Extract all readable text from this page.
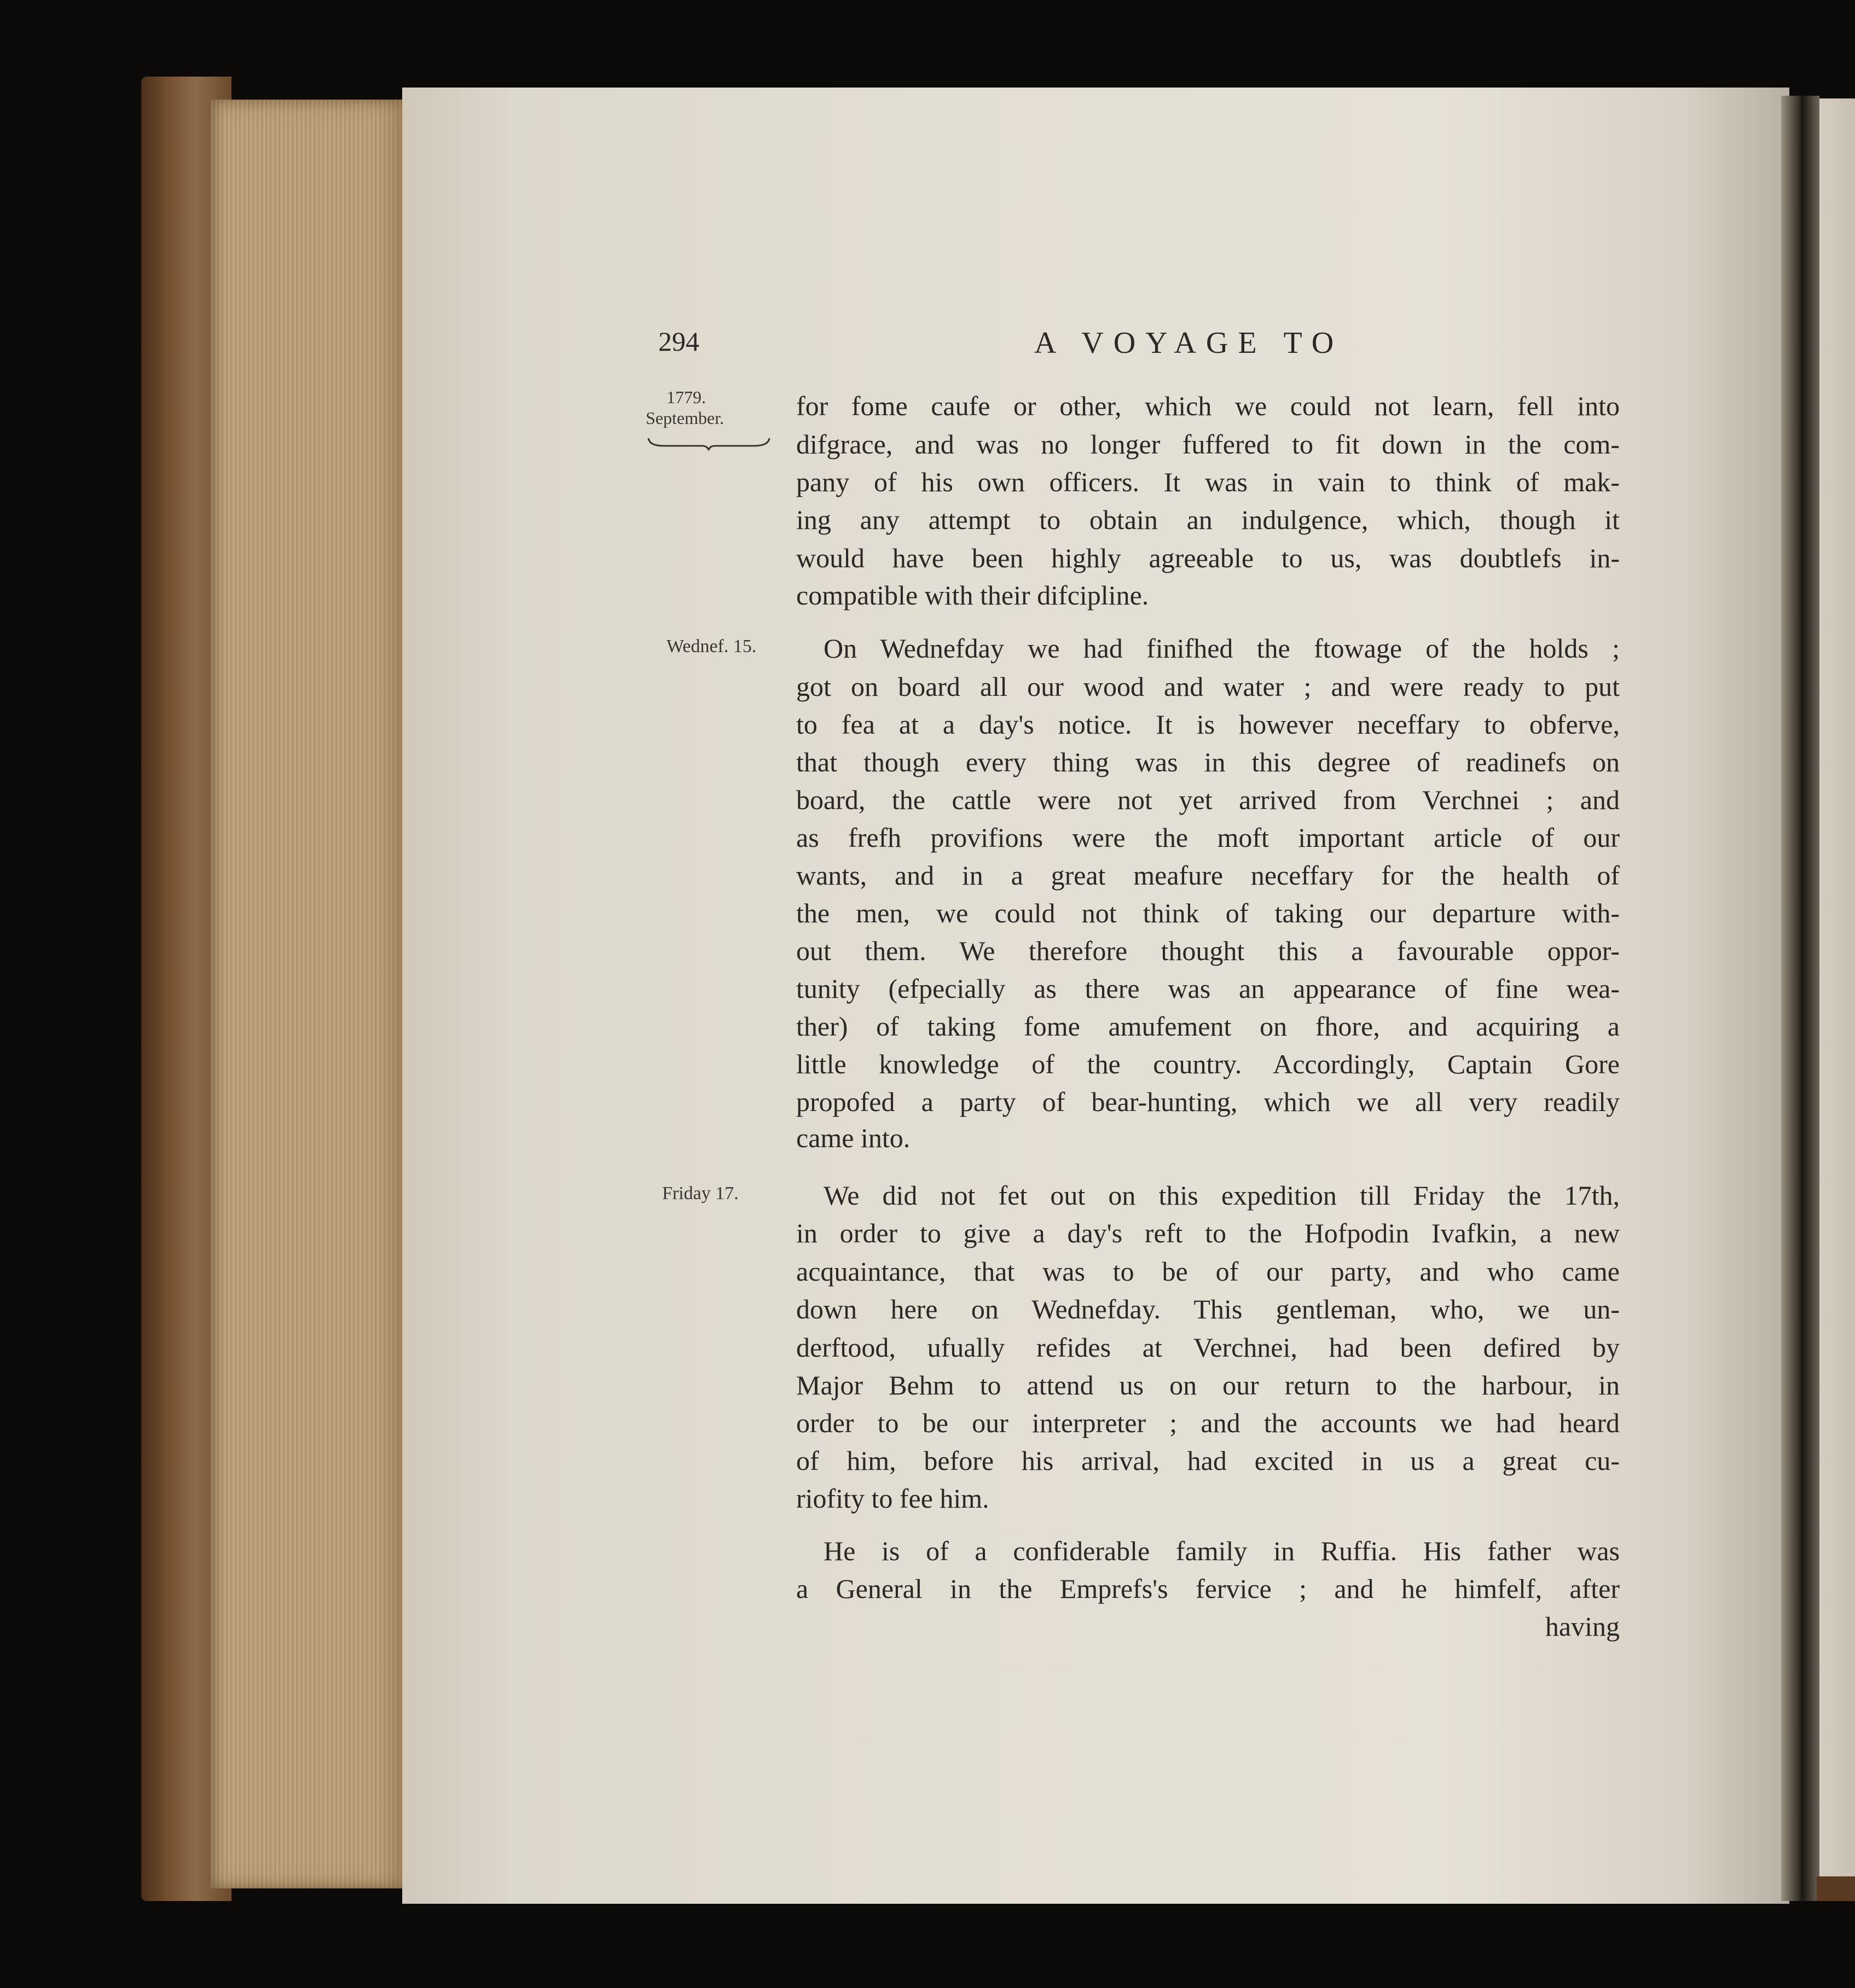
294	A VOYAGE TO
1779.
September.
Wednef. 15.
Friday 17.
for fome caufe or other, which we could not learn, fell into
difgrace, and was no longer fuffered to fit down in the com-
pany of his own officers. It was in vain to think of mak-
ing any attempt to obtain an indulgence, which, though it
would have been highly agreeable to us, was doubtlefs in-
compatible with their difcipline.
On Wednefday we had finifhed the ftowage of the holds ;
got on board all our wood and water ; and were ready to put
to fea at a day's notice. It is however neceffary to obferve,
that though every thing was in this degree of readinefs on
board, the cattle were not yet arrived from Verchnei ; and
as frefh provifions were the moft important article of our
wants, and in a great meafure neceffary for the health of
the men, we could not think of taking our departure with-
out them. We therefore thought this a favourable oppor-
tunity (efpecially as there was an appearance of fine wea-
ther) of taking fome amufement on fhore, and acquiring a
little knowledge of the country. Accordingly, Captain Gore
propofed a party of bear-hunting, which we all very readily
came into.
We did not fet out on this expedition till Friday the 17th,
in order to give a day's reft to the Hofpodin Ivafkin, a new
acquaintance, that was to be of our party, and who came
down here on Wednefday. This gentleman, who, we un-
derftood, ufually refides at Verchnei, had been defired by
Major Behm to attend us on our return to the harbour, in
order to be our interpreter ; and the accounts we had heard
of him, before his arrival, had excited in us a great cu-
riofity to fee him.
He is of a confiderable family in Ruffia. His father was
a General in the Emprefs's fervice ; and he himfelf, after
having
